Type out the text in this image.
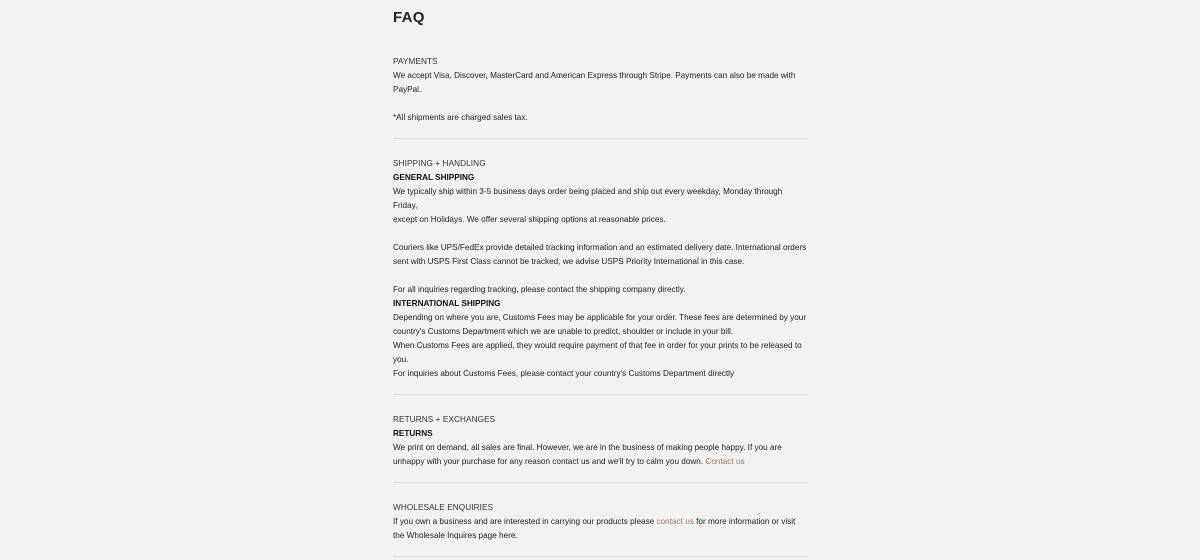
FAQ
PAYMENTS

We accept Visa, Discover, MasterCard and American Express through Stripe. Payments can also be made with

PayPal.

*All shipments are charged sales tax.

SHIPPING + HANDLING
GENERAL SHIPPING

We typically ship within 3-5 business days order being placed and ship out every weekday, Monday through Friday,

except on Holidays. We offer several shipping options at reasonable prices.

Couriers like UPS/FedEx provide detailed tracking information and an estimated delivery date. International orders

sent with USPS First Class cannot be tracked, we advise USPS Priority International in this case.

For all inquiries regarding tracking, please contact the shipping company directly.

INTERNATIONAL SHIPPING

Depending on where you are, Customs Fees may be applicable for your order. These fees are determined by your

country's Customs Department which we are unable to predict, shoulder or include in your bill.

When Customs Fees are applied, they would require payment of that fee in order for your prints to be released to

you.

For inquiries about Customs Fees, please contact your country's Customs Department directly

RETURNS + EXCHANGES
RETURNS

We print on demand, all sales are final. However, we are in the business of making people happy. If you are

unhappy with your purchase for any reason contact us and we'll try to calm you down. Contact us

WHOLESALE ENQUIRIES

If you own a business and are interested in carrying our products please contact us for more information or visit

the Wholesale Inquires page here.
